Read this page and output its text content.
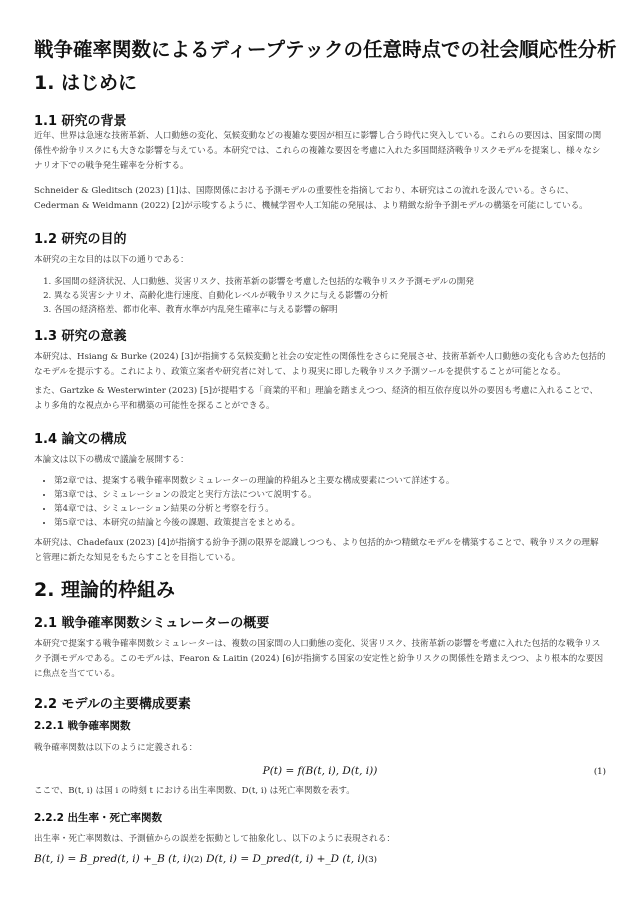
戦争確率関数によるディープテックの任意時点での社会順応性分析
1. はじめに
1.1 研究の背景

近年、世界は急速な技術革新、人口動態の変化、気候変動などの複雑な要因が相互に影響し合う時代に突入している。これらの要因は、国家間の関係性や紛争リスクにも大きな影響を与えている。本研究では、これらの複雑な要因を考慮に入れた多国間経済戦争リスクモデルを提案し、様々なシナリオ下での戦争発生確率を分析する。

Schneider & Gleditsch (2023) [1]は、国際関係における予測モデルの重要性を指摘しており、本研究はこの流れを汲んでいる。さらに、Cederman & Weidmann (2022) [2]が示唆するように、機械学習や人工知能の発展は、より精緻な紛争予測モデルの構築を可能にしている。

1.2 研究の目的

本研究の主な目的は以下の通りである：

1. 多国間の経済状況、人口動態、災害リスク、技術革新の影響を考慮した包括的な戦争リスク予測モデルの開発
2. 異なる災害シナリオ、高齢化進行速度、自動化レベルが戦争リスクに与える影響の分析
3. 各国の経済格差、都市化率、教育水準が内乱発生確率に与える影響の解明
1.3 研究の意義

本研究は、Hsiang & Burke (2024) [3]が指摘する気候変動と社会の安定性の関係性をさらに発展させ、技術革新や人口動態の変化も含めた包括的なモデルを提示する。これにより、政策立案者や研究者に対して、より現実に即した戦争リスク予測ツールを提供することが可能となる。

また、Gartzke & Westerwinter (2023) [5]が提唱する「商業的平和」理論を踏まえつつ、経済的相互依存度以外の要因も考慮に入れることで、より多角的な視点から平和構築の可能性を探ることができる。

1.4 論文の構成

本論文は以下の構成で議論を展開する：

• 第2章では、提案する戦争確率関数シミュレーターの理論的枠組みと主要な構成要素について詳述する。
• 第3章では、シミュレーションの設定と実行方法について説明する。
• 第4章では、シミュレーション結果の分析と考察を行う。
• 第5章では、本研究の結論と今後の課題、政策提言をまとめる。

本研究は、Chadefaux (2023) [4]が指摘する紛争予測の限界を認識しつつも、より包括的かつ精緻なモデルを構築することで、戦争リスクの理解と管理に新たな知見をもたらすことを目指している。

2. 理論的枠組み
2.1 戦争確率関数シミュレーターの概要

本研究で提案する戦争確率関数シミュレーターは、複数の国家間の人口動態の変化、災害リスク、技術革新の影響を考慮に入れた包括的な戦争リスク予測モデルである。このモデルは、Fearon & Laitin (2024) [6]が指摘する国家の安定性と紛争リスクの関係性を踏まえつつ、より根本的な要因に焦点を当てている。

2.2 モデルの主要構成要素
2.2.1 戦争確率関数

戦争確率関数は以下のように定義される：

P(t) = f(B(t, i), D(t, i))	(1)

ここで、B(t, i) は国 i の時刻 t における出生率関数、D(t, i) は死亡率関数を表す。

2.2.2 出生率・死亡率関数

出生率・死亡率関数は、予測値からの誤差を振動として抽象化し、以下のように表現される：

B(t, i) = B_pred(t, i) +_B (t, i)(2) D(t, i) = D_pred(t, i) +_D (t, i)(3)
